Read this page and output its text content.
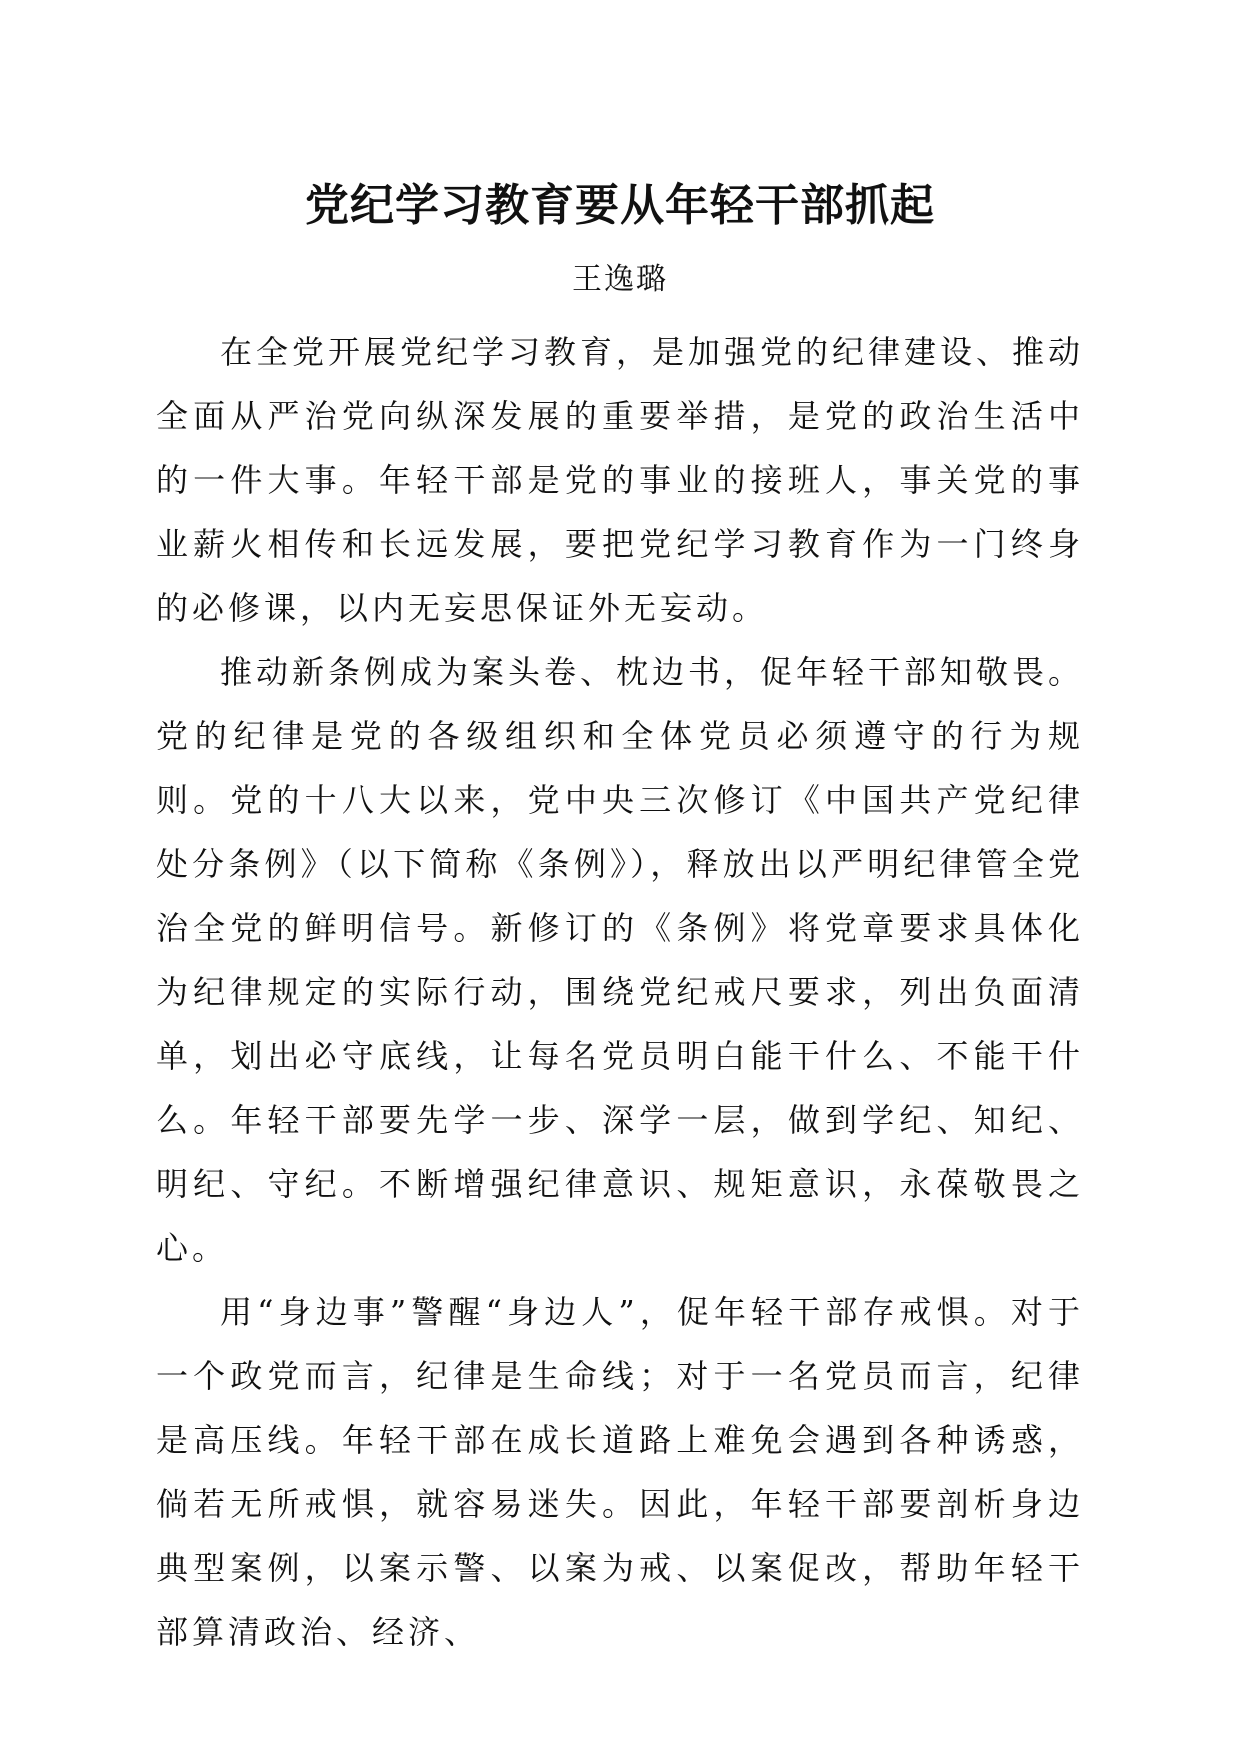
党纪学习教育要从年轻干部抓起
王逸璐

在全党开展党纪学习教育，是加强党的纪律建设、推动全面从严治党向纵深发展的重要举措，是党的政治生活中的一件大事。年轻干部是党的事业的接班人，事关党的事业薪火相传和长远发展，要把党纪学习教育作为一门终身的必修课，以内无妄思保证外无妄动。

推动新条例成为案头卷、枕边书，促年轻干部知敬畏。党的纪律是党的各级组织和全体党员必须遵守的行为规则。党的十八大以来，党中央三次修订《中国共产党纪律处分条例》（以下简称《条例》），释放出以严明纪律管全党治全党的鲜明信号。新修订的《条例》将党章要求具体化为纪律规定的实际行动，围绕党纪戒尺要求，列出负面清单，划出必守底线，让每名党员明白能干什么、不能干什么。年轻干部要先学一步、深学一层，做到学纪、知纪、明纪、守纪。不断增强纪律意识、规矩意识，永葆敬畏之心。

用“身边事”警醒“身边人”，促年轻干部存戒惧。对于一个政党而言，纪律是生命线；对于一名党员而言，纪律是高压线。年轻干部在成长道路上难免会遇到各种诱惑，倘若无所戒惧，就容易迷失。因此，年轻干部要剖析身边典型案例，以案示警、以案为戒、以案促改，帮助年轻干部算清政治、经济、
